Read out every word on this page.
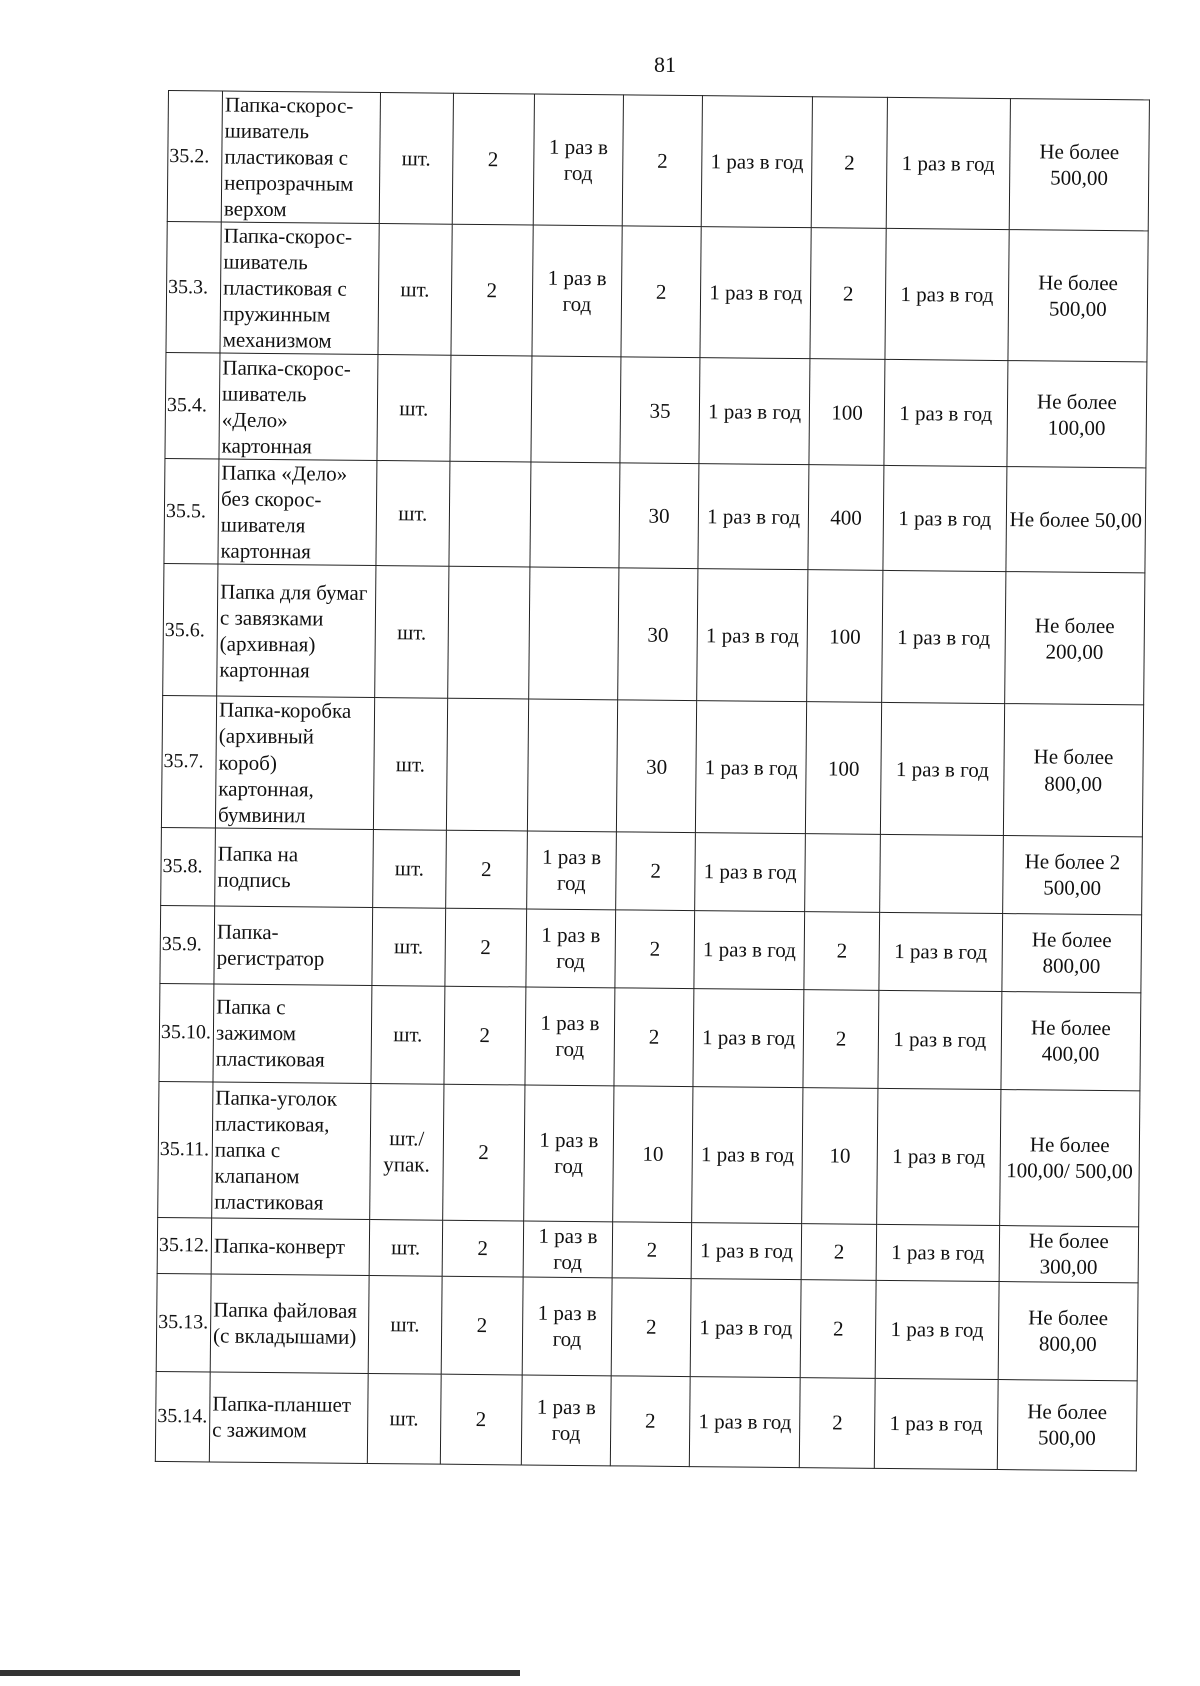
81
35.2.	Папка-скорос-шиватель пластиковая с непрозрачным верхом	шт.	2	1 раз в год	2	1 раз в год	2	1 раз в год	Не более 500,00
35.3.	Папка-скорос-шиватель пластиковая с пружинным механизмом	шт.	2	1 раз в год	2	1 раз в год	2	1 раз в год	Не более 500,00
35.4.	Папка-скорос-шиватель «Дело» картонная	шт.			35	1 раз в год	100	1 раз в год	Не более 100,00
35.5.	Папка «Дело» без скорос-шивателя картонная	шт.			30	1 раз в год	400	1 раз в год	Не более 50,00
35.6.	Папка для бумаг с завязками (архивная) картонная	шт.			30	1 раз в год	100	1 раз в год	Не более 200,00
35.7.	Папка-коробка (архивный короб) картонная, бумвинил	шт.			30	1 раз в год	100	1 раз в год	Не более 800,00
35.8.	Папка на подпись	шт.	2	1 раз в год	2	1 раз в год			Не более 2 500,00
35.9.	Папка-регистратор	шт.	2	1 раз в год	2	1 раз в год	2	1 раз в год	Не более 800,00
35.10.	Папка с зажимом пластиковая	шт.	2	1 раз в год	2	1 раз в год	2	1 раз в год	Не более 400,00
35.11.	Папка-уголок пластиковая, папка с клапаном пластиковая	шт./ упак.	2	1 раз в год	10	1 раз в год	10	1 раз в год	Не более 100,00/ 500,00
35.12.	Папка-конверт	шт.	2	1 раз в год	2	1 раз в год	2	1 раз в год	Не более 300,00
35.13.	Папка файловая (с вкладышами)	шт.	2	1 раз в год	2	1 раз в год	2	1 раз в год	Не более 800,00
35.14.	Папка-планшет с зажимом	шт.	2	1 раз в год	2	1 раз в год	2	1 раз в год	Не более 500,00
